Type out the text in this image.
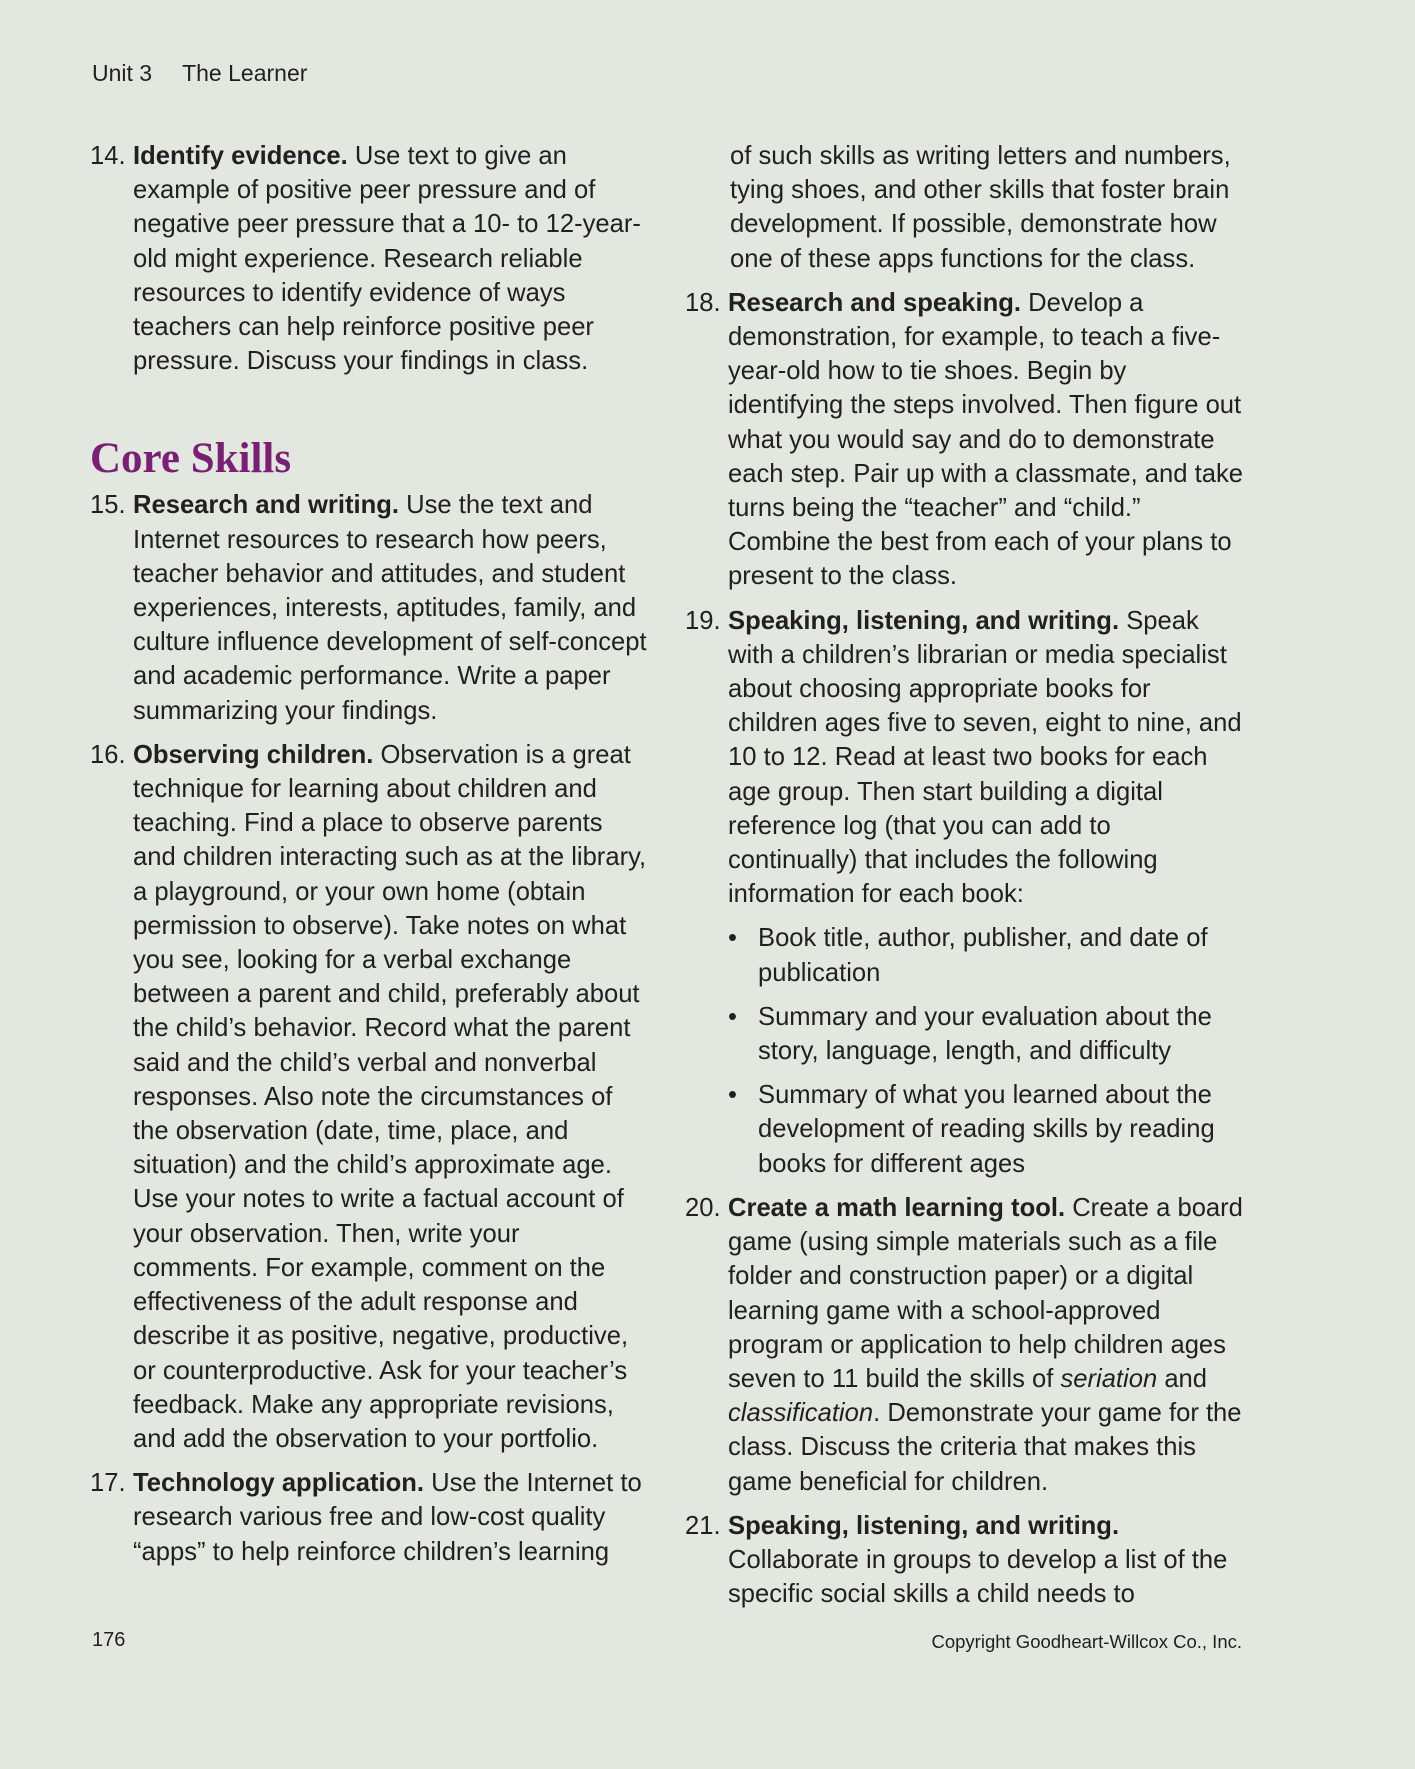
Unit 3 The Learner
14. Identify evidence. Use text to give an example of positive peer pressure and of negative peer pressure that a 10- to 12-year-old might experience. Research reliable resources to identify evidence of ways teachers can help reinforce positive peer pressure. Discuss your findings in class.
Core Skills
15. Research and writing. Use the text and Internet resources to research how peers, teacher behavior and attitudes, and student experiences, interests, aptitudes, family, and culture influence development of self-concept and academic performance. Write a paper summarizing your findings.
16. Observing children. Observation is a great technique for learning about children and teaching. Find a place to observe parents and children interacting such as at the library, a playground, or your own home (obtain permission to observe). Take notes on what you see, looking for a verbal exchange between a parent and child, preferably about the child’s behavior. Record what the parent said and the child’s verbal and nonverbal responses. Also note the circumstances of the observation (date, time, place, and situation) and the child’s approximate age. Use your notes to write a factual account of your observation. Then, write your comments. For example, comment on the effectiveness of the adult response and describe it as positive, negative, productive, or counterproductive. Ask for your teacher’s feedback. Make any appropriate revisions, and add the observation to your portfolio.
17. Technology application. Use the Internet to research various free and low-cost quality “apps” to help reinforce children’s learning
of such skills as writing letters and numbers, tying shoes, and other skills that foster brain development. If possible, demonstrate how one of these apps functions for the class.
18. Research and speaking. Develop a demonstration, for example, to teach a five-year-old how to tie shoes. Begin by identifying the steps involved. Then figure out what you would say and do to demonstrate each step. Pair up with a classmate, and take turns being the “teacher” and “child.” Combine the best from each of your plans to present to the class.
19. Speaking, listening, and writing. Speak with a children’s librarian or media specialist about choosing appropriate books for children ages five to seven, eight to nine, and 10 to 12. Read at least two books for each age group. Then start building a digital reference log (that you can add to continually) that includes the following information for each book:
• Book title, author, publisher, and date of publication
• Summary and your evaluation about the story, language, length, and difficulty
• Summary of what you learned about the development of reading skills by reading books for different ages
20. Create a math learning tool. Create a board game (using simple materials such as a file folder and construction paper) or a digital learning game with a school-approved program or application to help children ages seven to 11 build the skills of seriation and classification. Demonstrate your game for the class. Discuss the criteria that makes this game beneficial for children.
21. Speaking, listening, and writing. Collaborate in groups to develop a list of the specific social skills a child needs to
176	Copyright Goodheart-Willcox Co., Inc.
